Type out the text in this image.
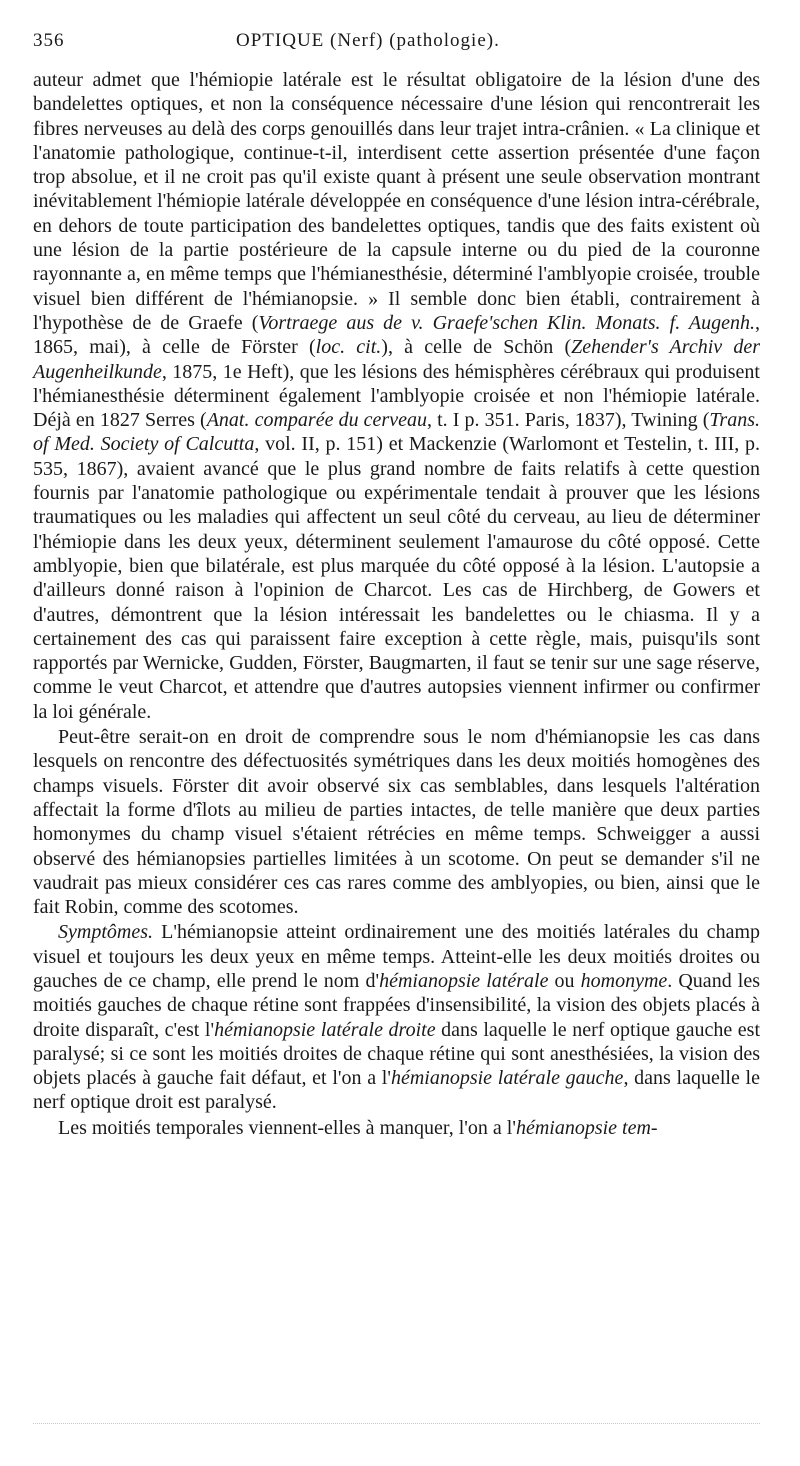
356	OPTIQUE (Nerf) (pathologie).

auteur admet que l'hémiopie latérale est le résultat obligatoire de la lésion d'une des bandelettes optiques, et non la conséquence nécessaire d'une lésion qui rencontrerait les fibres nerveuses au delà des corps genouillés dans leur trajet intra-crânien. « La clinique et l'anatomie pathologique, continue-t-il, interdisent cette assertion présentée d'une façon trop absolue, et il ne croit pas qu'il existe quant à présent une seule observation montrant inévitablement l'hémiopie latérale développée en conséquence d'une lésion intra-cérébrale, en dehors de toute participation des bandelettes optiques, tandis que des faits existent où une lésion de la partie postérieure de la capsule interne ou du pied de la couronne rayonnante a, en même temps que l'hémianesthésie, déterminé l'amblyopie croisée, trouble visuel bien différent de l'hémianopsie. » Il semble donc bien établi, contrairement à l'hypothèse de de Graefe (Vortraege aus de v. Graefe'schen Klin. Monats. f. Augenh., 1865, mai), à celle de Förster (loc. cit.), à celle de Schön (Zehender's Archiv der Augenheilkunde, 1875, 1e Heft), que les lésions des hémisphères cérébraux qui produisent l'hémianesthésie déterminent également l'amblyopie croisée et non l'hémiopie latérale. Déjà en 1827 Serres (Anat. comparée du cerveau, t. I p. 351. Paris, 1837), Twining (Trans. of Med. Society of Calcutta, vol. II, p. 151) et Mackenzie (Warlomont et Testelin, t. III, p. 535, 1867), avaient avancé que le plus grand nombre de faits relatifs à cette question fournis par l'anatomie pathologique ou expérimentale tendait à prouver que les lésions traumatiques ou les maladies qui affectent un seul côté du cerveau, au lieu de déterminer l'hémiopie dans les deux yeux, déterminent seulement l'amaurose du côté opposé. Cette amblyopie, bien que bilatérale, est plus marquée du côté opposé à la lésion. L'autopsie a d'ailleurs donné raison à l'opinion de Charcot. Les cas de Hirchberg, de Gowers et d'autres, démontrent que la lésion intéressait les bandelettes ou le chiasma. Il y a certainement des cas qui paraissent faire exception à cette règle, mais, puisqu'ils sont rapportés par Wernicke, Gudden, Förster, Baugmarten, il faut se tenir sur une sage réserve, comme le veut Charcot, et attendre que d'autres autopsies viennent infirmer ou confirmer la loi générale.

Peut-être serait-on en droit de comprendre sous le nom d'hémianopsie les cas dans lesquels on rencontre des défectuosités symétriques dans les deux moitiés homogènes des champs visuels. Förster dit avoir observé six cas semblables, dans lesquels l'altération affectait la forme d'îlots au milieu de parties intactes, de telle manière que deux parties homonymes du champ visuel s'étaient rétrécies en même temps. Schweigger a aussi observé des hémianopsies partielles limitées à un scotome. On peut se demander s'il ne vaudrait pas mieux considérer ces cas rares comme des amblyopies, ou bien, ainsi que le fait Robin, comme des scotomes.

Symptômes. L'hémianopsie atteint ordinairement une des moitiés latérales du champ visuel et toujours les deux yeux en même temps. Atteint-elle les deux moitiés droites ou gauches de ce champ, elle prend le nom d'hémianopsie latérale ou homonyme. Quand les moitiés gauches de chaque rétine sont frappées d'insensibilité, la vision des objets placés à droite disparaît, c'est l'hémianopsie latérale droite dans laquelle le nerf optique gauche est paralysé; si ce sont les moitiés droites de chaque rétine qui sont anesthésiées, la vision des objets placés à gauche fait défaut, et l'on a l'hémianopsie latérale gauche, dans laquelle le nerf optique droit est paralysé.

Les moitiés temporales viennent-elles à manquer, l'on a l'hémianopsie tem-
